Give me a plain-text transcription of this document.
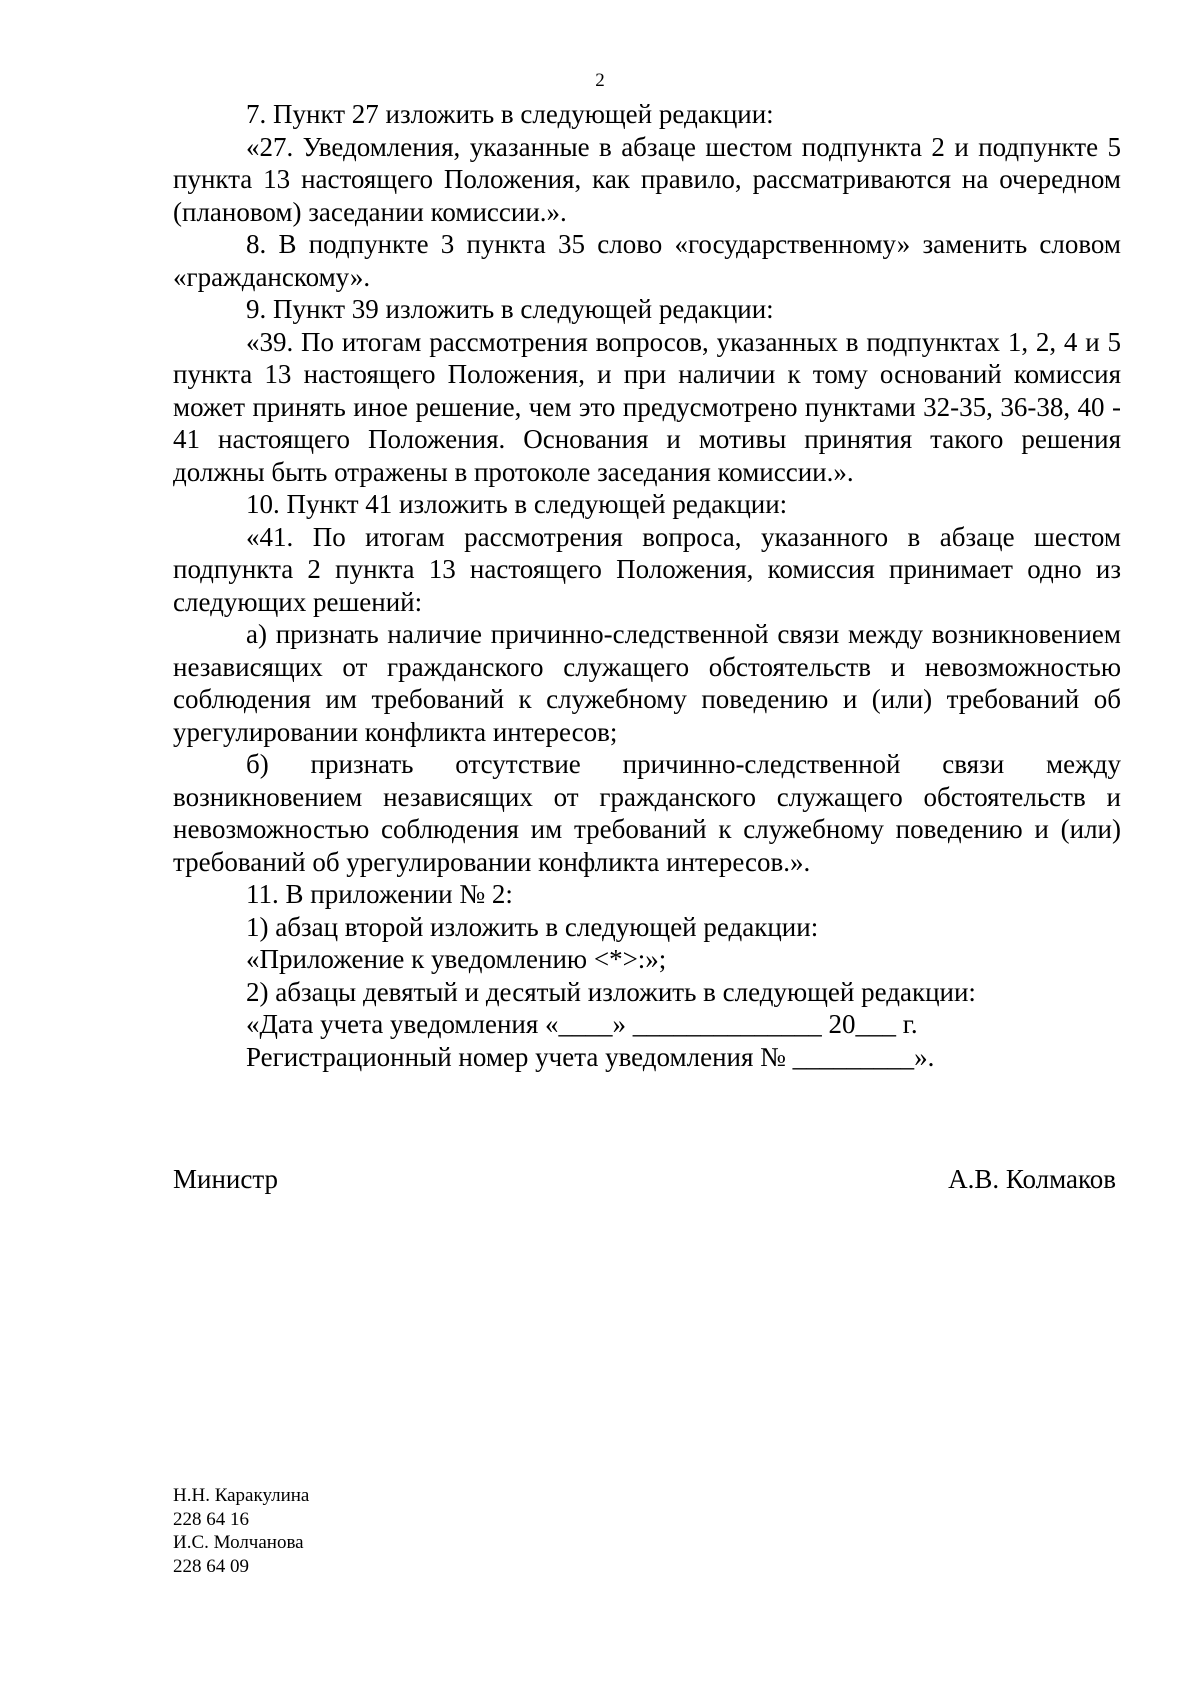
2

7. Пункт 27 изложить в следующей редакции:

«27. Уведомления, указанные в абзаце шестом подпункта 2 и подпункте 5 пункта 13 настоящего Положения, как правило, рассматриваются на очередном (плановом) заседании комиссии.».

8. В подпункте 3 пункта 35 слово «государственному» заменить словом «гражданскому».

9. Пункт 39 изложить в следующей редакции:

«39. По итогам рассмотрения вопросов, указанных в подпунктах 1, 2, 4 и 5 пункта 13 настоящего Положения, и при наличии к тому оснований комиссия может принять иное решение, чем это предусмотрено пунктами 32-35, 36-38, 40 - 41 настоящего Положения. Основания и мотивы принятия такого решения должны быть отражены в протоколе заседания комиссии.».

10. Пункт 41 изложить в следующей редакции:

«41. По итогам рассмотрения вопроса, указанного в абзаце шестом подпункта 2 пункта 13 настоящего Положения, комиссия принимает одно из следующих решений:

а) признать наличие причинно-следственной связи между возникновением независящих от гражданского служащего обстоятельств и невозможностью соблюдения им требований к служебному поведению и (или) требований об урегулировании конфликта интересов;

б) признать отсутствие причинно-следственной связи между возникновением независящих от гражданского служащего обстоятельств и невозможностью соблюдения им требований к служебному поведению и (или) требований об урегулировании конфликта интересов.».

11. В приложении № 2:

1) абзац второй изложить в следующей редакции:

«Приложение к уведомлению <*>:»;

2) абзацы девятый и десятый изложить в следующей редакции:

«Дата учета уведомления «____» ______________ 20___ г.

Регистрационный номер учета уведомления № _________».

Министр	А.В. Колмаков
Н.Н. Каракулина
228 64 16
И.С. Молчанова
228 64 09
